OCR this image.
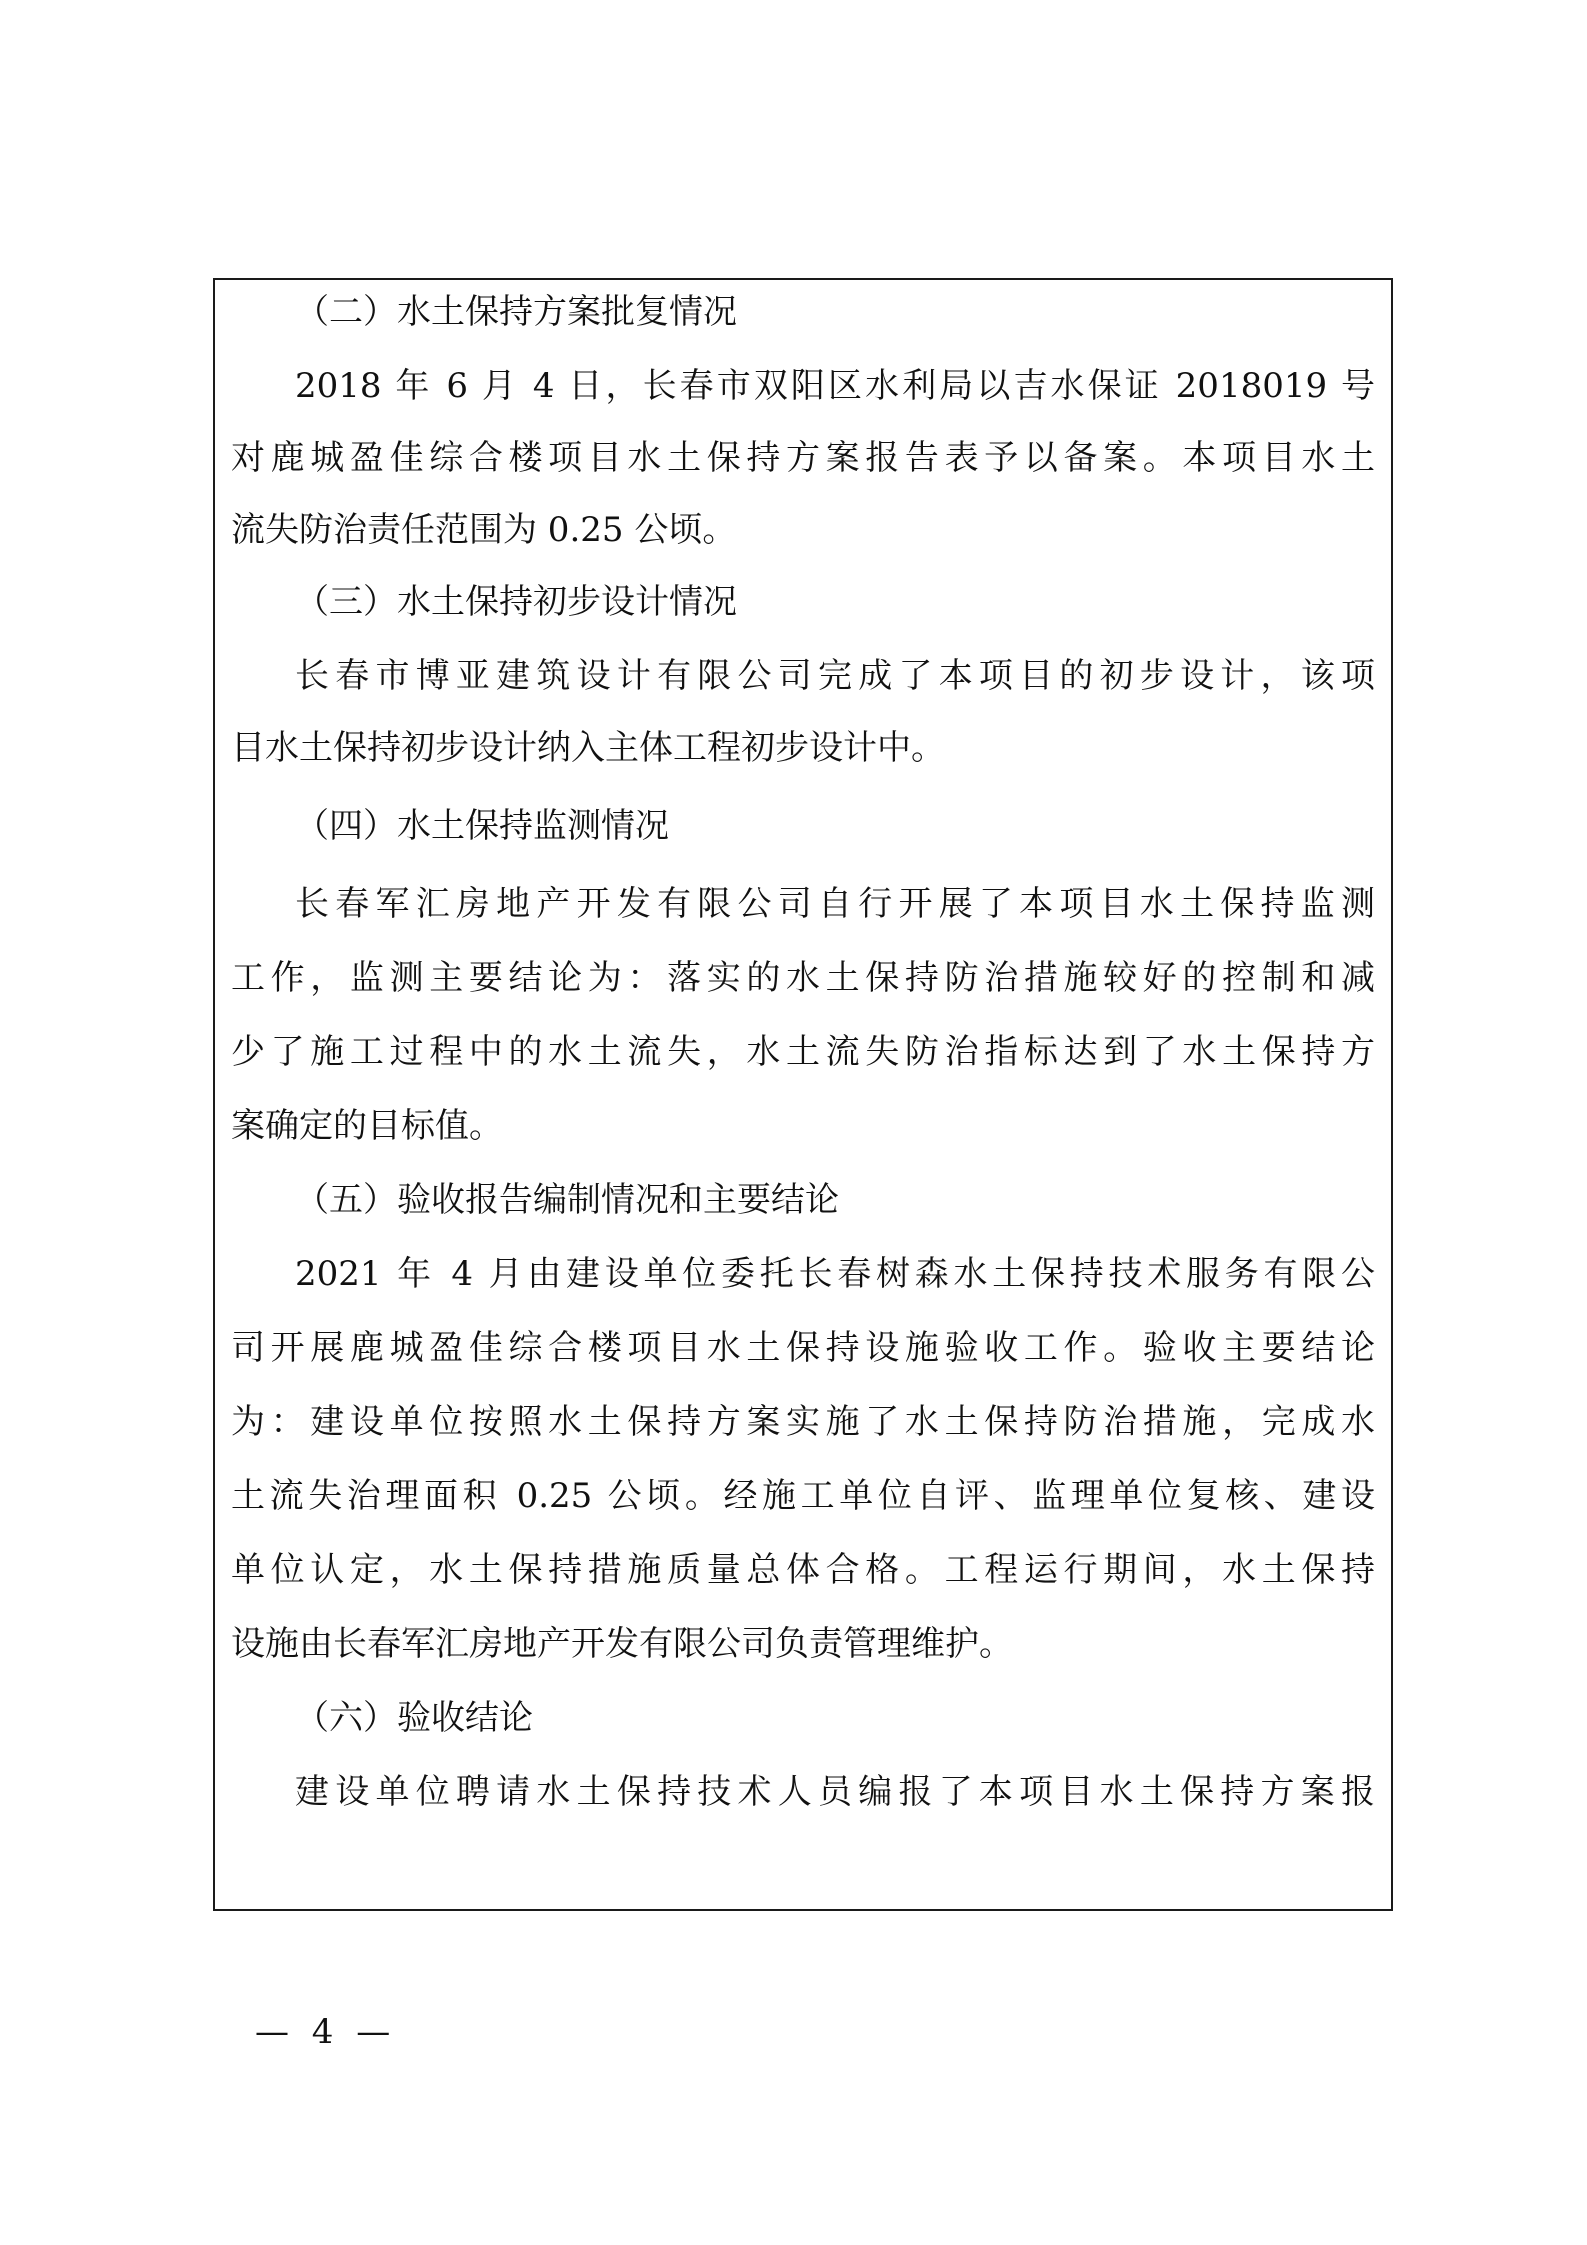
（二）水土保持方案批复情况
2018 年 6 月 4 日，长春市双阳区水利局以吉水保证 2018019 号
对鹿城盈佳综合楼项目水土保持方案报告表予以备案。本项目水土
流失防治责任范围为 0.25 公顷。
（三）水土保持初步设计情况
长春市博亚建筑设计有限公司完成了本项目的初步设计，该项
目水土保持初步设计纳入主体工程初步设计中。
（四）水土保持监测情况
长春军汇房地产开发有限公司自行开展了本项目水土保持监测
工作，监测主要结论为：落实的水土保持防治措施较好的控制和减
少了施工过程中的水土流失，水土流失防治指标达到了水土保持方
案确定的目标值。
（五）验收报告编制情况和主要结论
2021 年 4 月由建设单位委托长春树森水土保持技术服务有限公
司开展鹿城盈佳综合楼项目水土保持设施验收工作。验收主要结论
为：建设单位按照水土保持方案实施了水土保持防治措施，完成水
土流失治理面积 0.25 公顷。经施工单位自评、监理单位复核、建设
单位认定，水土保持措施质量总体合格。工程运行期间，水土保持
设施由长春军汇房地产开发有限公司负责管理维护。
（六）验收结论
建设单位聘请水土保持技术人员编报了本项目水土保持方案报
— 4 —
